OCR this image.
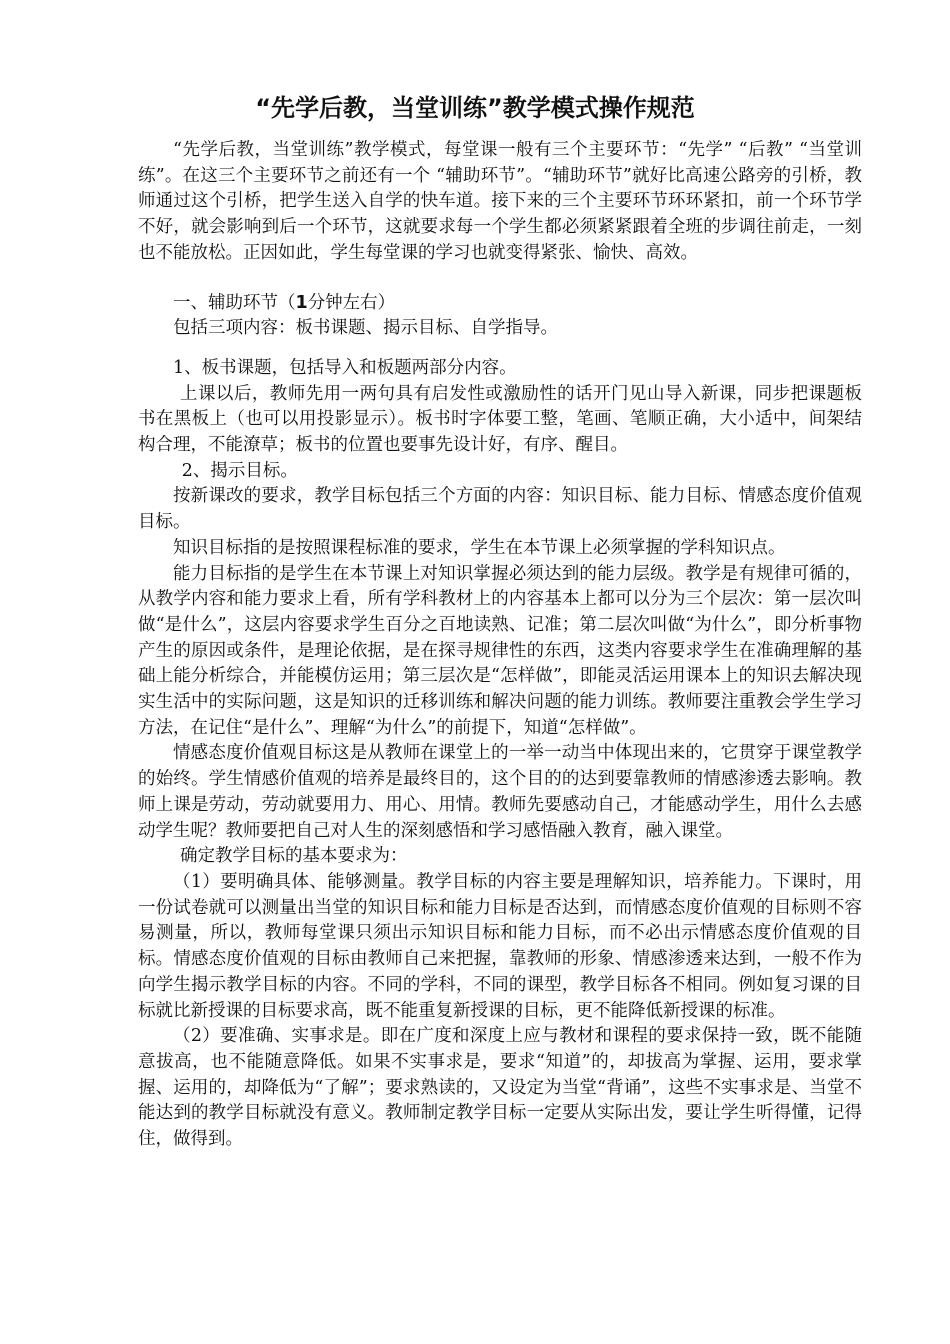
“先学后教，当堂训练”教学模式操作规范

“先学后教，当堂训练”教学模式，每堂课一般有三个主要环节：“先学” “后教” “当堂训练”。在这三个主要环节之前还有一个 “辅助环节”。“辅助环节”就好比高速公路旁的引桥，教师通过这个引桥，把学生送入自学的快车道。接下来的三个主要环节环环紧扣，前一个环节学不好，就会影响到后一个环节，这就要求每一个学生都必须紧紧跟着全班的步调往前走，一刻也不能放松。正因如此，学生每堂课的学习也就变得紧张、愉快、高效。

一、辅助环节（1分钟左右）

包括三项内容：板书课题、揭示目标、自学指导。

1、板书课题，包括导入和板题两部分内容。

上课以后，教师先用一两句具有启发性或激励性的话开门见山导入新课，同步把课题板书在黑板上（也可以用投影显示）。板书时字体要工整，笔画、笔顺正确，大小适中，间架结构合理，不能潦草；板书的位置也要事先设计好，有序、醒目。

2、揭示目标。

按新课改的要求，教学目标包括三个方面的内容：知识目标、能力目标、情感态度价值观目标。

知识目标指的是按照课程标准的要求，学生在本节课上必须掌握的学科知识点。

能力目标指的是学生在本节课上对知识掌握必须达到的能力层级。教学是有规律可循的，从教学内容和能力要求上看，所有学科教材上的内容基本上都可以分为三个层次：第一层次叫做“是什么”，这层内容要求学生百分之百地读熟、记准；第二层次叫做“为什么”，即分析事物产生的原因或条件，是理论依据，是在探寻规律性的东西，这类内容要求学生在准确理解的基础上能分析综合，并能模仿运用；第三层次是“怎样做”，即能灵活运用课本上的知识去解决现实生活中的实际问题，这是知识的迁移训练和解决问题的能力训练。教师要注重教会学生学习方法，在记住“是什么”、理解“为什么”的前提下，知道“怎样做”。

情感态度价值观目标这是从教师在课堂上的一举一动当中体现出来的，它贯穿于课堂教学的始终。学生情感价值观的培养是最终目的，这个目的的达到要靠教师的情感渗透去影响。教师上课是劳动，劳动就要用力、用心、用情。教师先要感动自己，才能感动学生，用什么去感动学生呢？教师要把自己对人生的深刻感悟和学习感悟融入教育，融入课堂。

确定教学目标的基本要求为：

（1）要明确具体、能够测量。教学目标的内容主要是理解知识，培养能力。下课时，用一份试卷就可以测量出当堂的知识目标和能力目标是否达到，而情感态度价值观的目标则不容易测量，所以，教师每堂课只须出示知识目标和能力目标，而不必出示情感态度价值观的目标。情感态度价值观的目标由教师自己来把握，靠教师的形象、情感渗透来达到，一般不作为向学生揭示教学目标的内容。不同的学科，不同的课型，教学目标各不相同。例如复习课的目标就比新授课的目标要求高，既不能重复新授课的目标，更不能降低新授课的标准。

（2）要准确、实事求是。即在广度和深度上应与教材和课程的要求保持一致，既不能随意拔高，也不能随意降低。如果不实事求是，要求“知道”的，却拔高为掌握、运用，要求掌握、运用的，却降低为“了解”；要求熟读的，又设定为当堂“背诵”，这些不实事求是、当堂不能达到的教学目标就没有意义。教师制定教学目标一定要从实际出发，要让学生听得懂，记得住，做得到。
